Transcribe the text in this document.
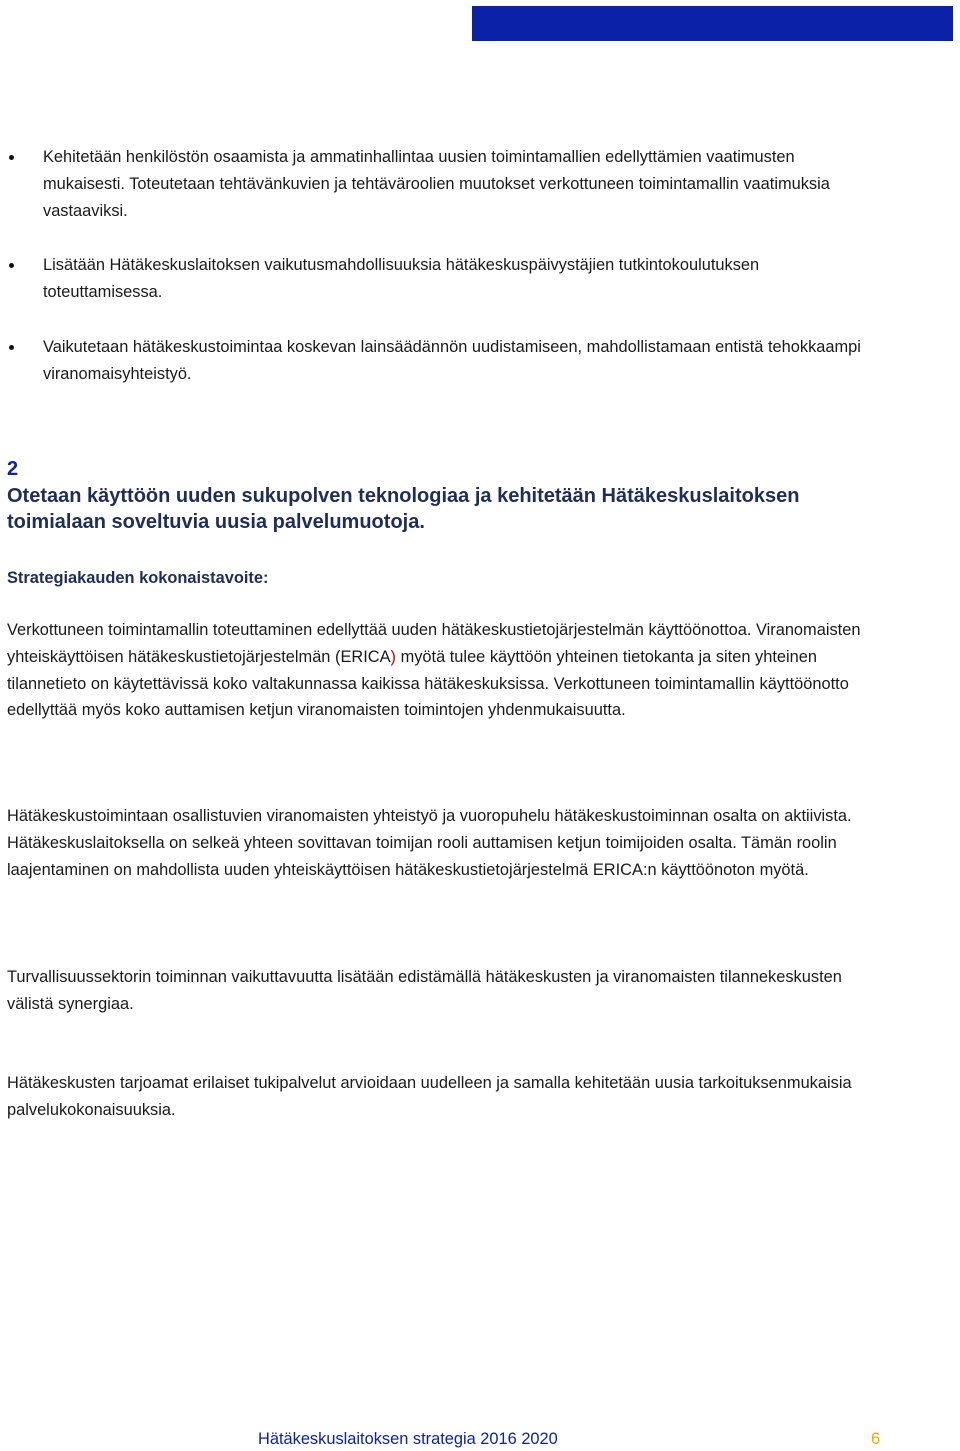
Kehitetään henkilöstön osaamista ja ammatinhallintaa uusien toimintamallien edellyttämien vaatimusten mukaisesti. Toteutetaan tehtävänkuvien ja tehtäväroolien muutokset verkottuneen toimintamallin vaatimuksia vastaaviksi.
Lisätään Hätäkeskuslaitoksen vaikutusmahdollisuuksia hätäkeskuspäivystäjien tutkintokoulutuksen toteuttamisessa.
Vaikutetaan hätäkeskustoimintaa koskevan lainsäädännön uudistamiseen, mahdollistamaan entistä tehokkaampi viranomaisyhteistyö.
2
Otetaan käyttöön uuden sukupolven teknologiaa ja kehitetään Hätäkeskuslaitoksen toimialaan soveltuvia uusia palvelumuotoja.
Strategiakauden kokonaistavoite:
Verkottuneen toimintamallin toteuttaminen edellyttää uuden hätäkeskustietojärjestelmän käyttöönottoa. Viranomaisten yhteiskäyttöisen hätäkeskustietojärjestelmän (ERICA) myötä tulee käyttöön yhteinen tietokanta ja siten yhteinen tilannetieto on käytettävissä koko valtakunnassa kaikissa hätäkeskuksissa. Verkottuneen toimintamallin käyttöönotto edellyttää myös koko auttamisen ketjun viranomaisten toimintojen yhdenmukaisuutta.
Hätäkeskustoimintaan osallistuvien viranomaisten yhteistyö ja vuoropuhelu hätäkeskustoiminnan osalta on aktiivista. Hätäkeskuslaitoksella on selkeä yhteen sovittavan toimijan rooli auttamisen ketjun toimijoiden osalta. Tämän roolin laajentaminen on mahdollista uuden yhteiskäyttöisen hätäkeskustietojärjestelmä ERICA:n käyttöönoton myötä.
Turvallisuussektorin toiminnan vaikuttavuutta lisätään edistämällä hätäkeskusten ja viranomaisten tilannekeskusten välistä synergiaa.
Hätäkeskusten tarjoamat erilaiset tukipalvelut arvioidaan uudelleen ja samalla kehitetään uusia tarkoituksenmukaisia palvelukokonaisuuksia.
Hätäkeskuslaitoksen strategia 2016 2020	6
